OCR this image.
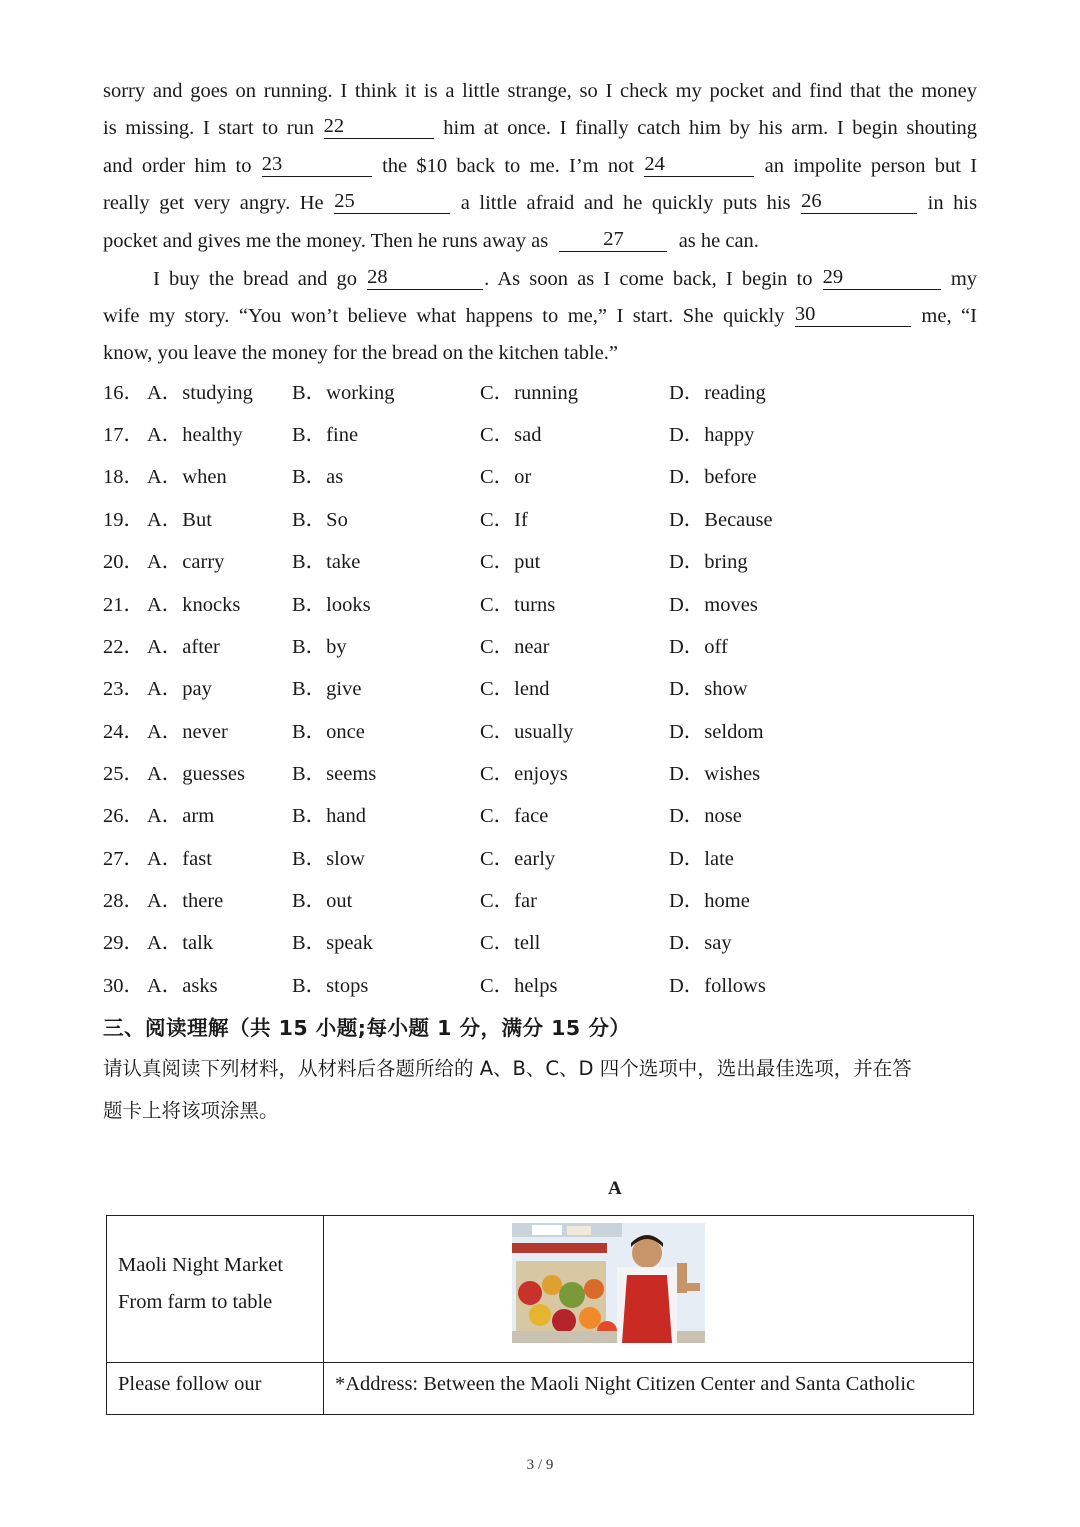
sorry and goes on running. I think it is a little strange, so I check my pocket and find that the money
is missing. I start to run 22	him at once. I finally catch him by his arm. I begin shouting
and order him to 23	the $10 back to me. I’m not 24	an impolite person but I
really get very angry. He 25	a little afraid and he quickly puts his 26	in his
pocket and gives me the money. Then he runs away as	27	as he can.
I buy the bread and go 28	. As soon as I come back, I begin to 29	my
wife my story. “You won’t believe what happens to me,” I start. She quickly 30	me, “I
know, you leave the money for the bread on the kitchen table.”
16． A．studying B．working	C．running	D．reading
17． A．healthy B．fine	C．sad	D．happy
18． A．when	B．as	C．or	D．before
19． A．But	B．So	C．If	D．Because
20． A．carry	B．take	C．put	D．bring
21． A．knocks	B．looks	C．turns	D．moves
22． A．after	B．by	C．near	D．off
23． A．pay	B．give	C．lend	D．show
24． A．never	B．once	C．usually	D．seldom
25． A．guesses B．seems	C．enjoys	D．wishes
26． A．arm	B．hand	C．face	D．nose
27． A．fast	B．slow	C．early	D．late
28． A．there	B．out	C．far	D．home
29． A．talk	B．speak	C．tell	D．say
30． A．asks	B．stops	C．helps	D．follows
三、阅读理解（共 15 小题;每小题 1 分，满分 15 分）
请认真阅读下列材料，从材料后各题所给的 A、B、C、D 四个选项中，选出最佳选项，并在答
题卡上将该项涂黑。
A
Maoli Night Market
From farm to table
Please follow our	*Address: Between the Maoli Night Citizen Center and Santa Catholic
3 / 9
